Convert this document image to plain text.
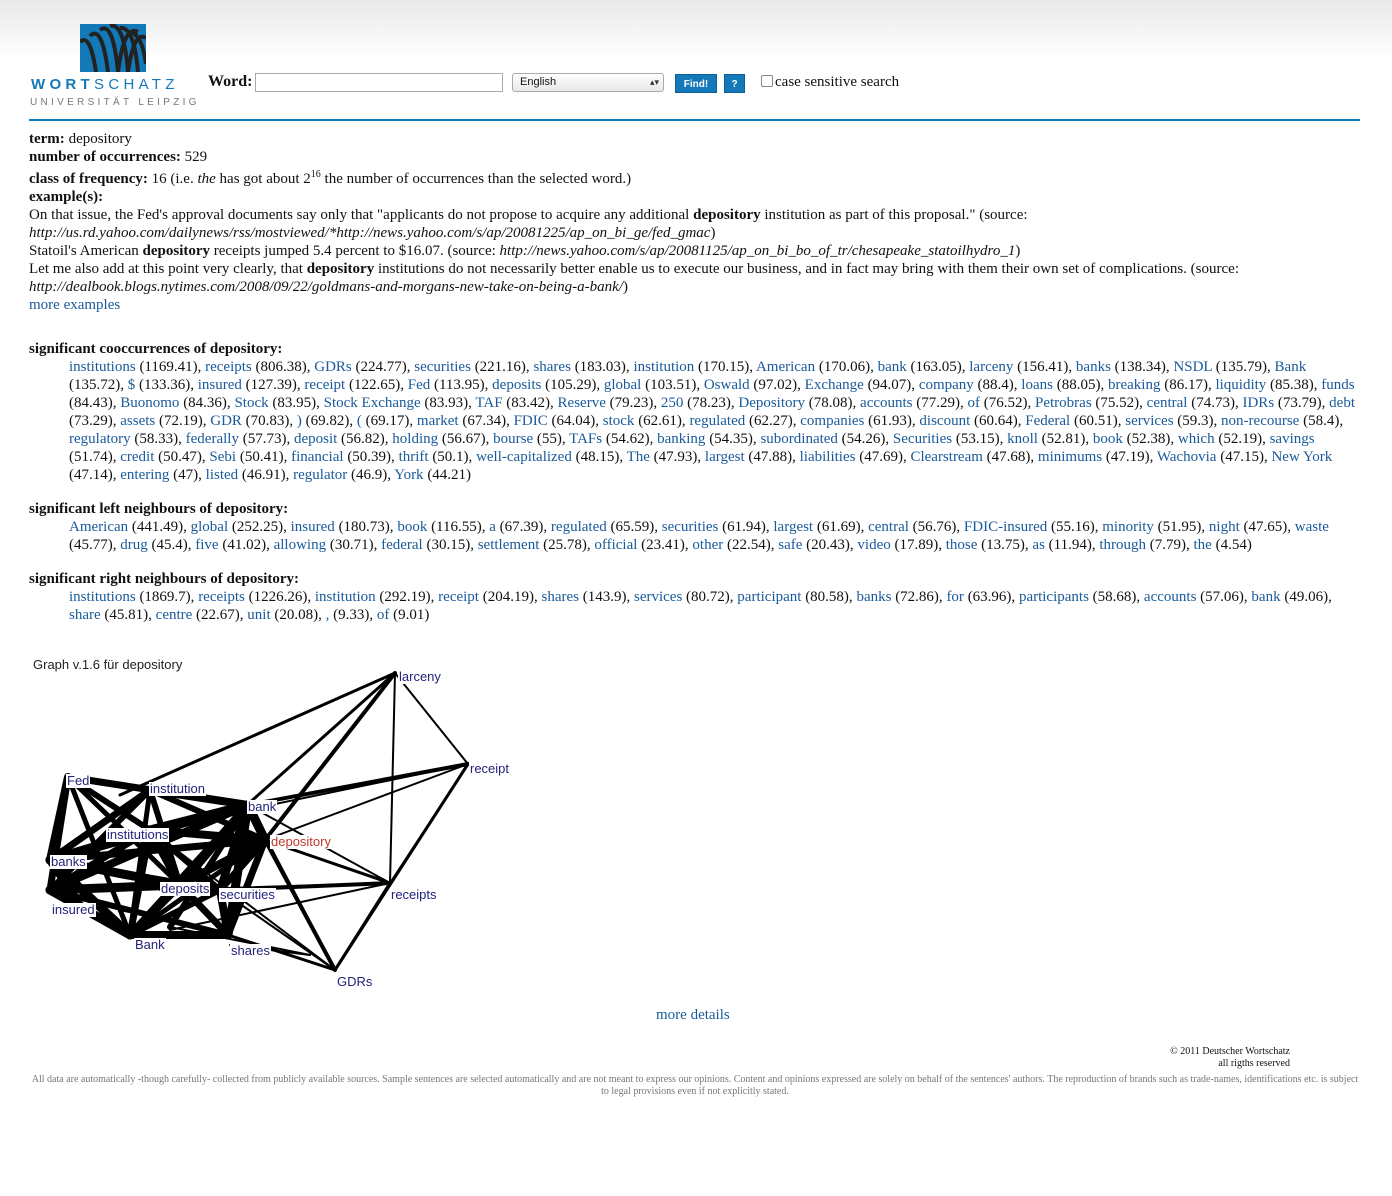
WORTSCHATZ
UNIVERSITÄT LEIPZIG
Word:	English	▴▾	Find!	?	case sensitive search
term: depository
number of occurrences: 529
class of frequency: 16 (i.e. the has got about $2^{16}$ the number of occurrences than the selected word.)
example(s):
On that issue, the Fed's approval documents say only that "applicants do not propose to acquire any additional depository institution as part of this proposal." (source:
http://us.rd.yahoo.com/dailynews/rss/mostviewed/*http://news.yahoo.com/s/ap/20081225/ap_on_bi_ge/fed_gmac)
Statoil's American depository receipts jumped 5.4 percent to $16.07. (source: http://news.yahoo.com/s/ap/20081125/ap_on_bi_bo_of_tr/chesapeake_statoilhydro_1)
Let me also add at this point very clearly, that depository institutions do not necessarily better enable us to execute our business, and in fact may bring with them their own set of complications. (source:
http://dealbook.blogs.nytimes.com/2008/09/22/goldmans-and-morgans-new-take-on-being-a-bank/)
more examples
significant cooccurrences of depository:
institutions (1169.41), receipts (806.38), GDRs (224.77), securities (221.16), shares (183.03), institution (170.15), American (170.06), bank (163.05), larceny (156.41), banks (138.34), NSDL (135.79), Bank (135.72), $ (133.36), insured (127.39), receipt (122.65), Fed (113.95), deposits (105.29), global (103.51), Oswald (97.02), Exchange (94.07), company (88.4), loans (88.05), breaking (86.17), liquidity (85.38), funds (84.43), Buonomo (84.36), Stock (83.95), Stock Exchange (83.93), TAF (83.42), Reserve (79.23), 250 (78.23), Depository (78.08), accounts (77.29), of (76.52), Petrobras (75.52), central (74.73), IDRs (73.79), debt (73.29), assets (72.19), GDR (70.83), ) (69.82), ( (69.17), market (67.34), FDIC (64.04), stock (62.61), regulated (62.27), companies (61.93), discount (60.64), Federal (60.51), services (59.3), non-recourse (58.4), regulatory (58.33), federally (57.73), deposit (56.82), holding (56.67), bourse (55), TAFs (54.62), banking (54.35), subordinated (54.26), Securities (53.15), knoll (52.81), book (52.38), which (52.19), savings (51.74), credit (50.47), Sebi (50.41), financial (50.39), thrift (50.1), well-capitalized (48.15), The (47.93), largest (47.88), liabilities (47.69), Clearstream (47.68), minimums (47.19), Wachovia (47.15), New York (47.14), entering (47), listed (46.91), regulator (46.9), York (44.21)
significant left neighbours of depository:
American (441.49), global (252.25), insured (180.73), book (116.55), a (67.39), regulated (65.59), securities (61.94), largest (61.69), central (56.76), FDIC-insured (55.16), minority (51.95), night (47.65), waste (45.77), drug (45.4), five (41.02), allowing (30.71), federal (30.15), settlement (25.78), official (23.41), other (22.54), safe (20.43), video (17.89), those (13.75), as (11.94), through (7.79), the (4.54)
significant right neighbours of depository:
institutions (1869.7), receipts (1226.26), institution (292.19), receipt (204.19), shares (143.9), services (80.72), participant (80.58), banks (72.86), for (63.96), participants (58.68), accounts (57.06), bank (49.06), share (45.81), centre (22.67), unit (20.08), , (9.33), of (9.01)
Graph v.1.6 für depository
larceny
receipt
Fed
institution
bank
institutions	depository
banks
deposits securities	receipts
insured
Bank	shares
GDRs
more details
© 2011 Deutscher Wortschatz
all rigths reserved
All data are automatically -though carefully- collected from publicly available sources. Sample sentences are selected automatically and are not meant to express our opinions. Content and opinions expressed are solely on behalf of the sentences' authors. The reproduction of brands such as trade-names, identifications etc. is subject to legal provisions even if not explicitly stated.
